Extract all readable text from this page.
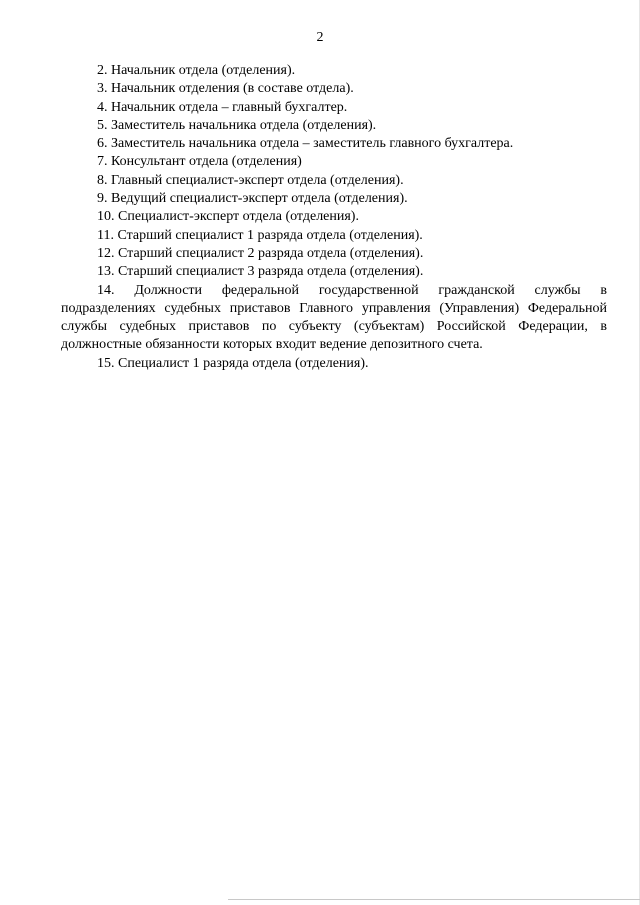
2

2. Начальник отдела (отделения).

3. Начальник отделения (в составе отдела).

4. Начальник отдела – главный бухгалтер.

5. Заместитель начальника отдела (отделения).

6. Заместитель начальника отдела – заместитель главного бухгалтера.

7. Консультант отдела (отделения)

8. Главный специалист-эксперт отдела (отделения).

9. Ведущий специалист-эксперт отдела (отделения).

10. Специалист-эксперт отдела (отделения).

11. Старший специалист 1 разряда отдела (отделения).

12. Старший специалист 2 разряда отдела (отделения).

13. Старший специалист 3 разряда отдела (отделения).

14. Должности федеральной государственной гражданской службы в подразделениях судебных приставов Главного управления (Управления) Федеральной службы судебных приставов по субъекту (субъектам) Российской Федерации, в должностные обязанности которых входит ведение депозитного счета.

15. Специалист 1 разряда отдела (отделения).
